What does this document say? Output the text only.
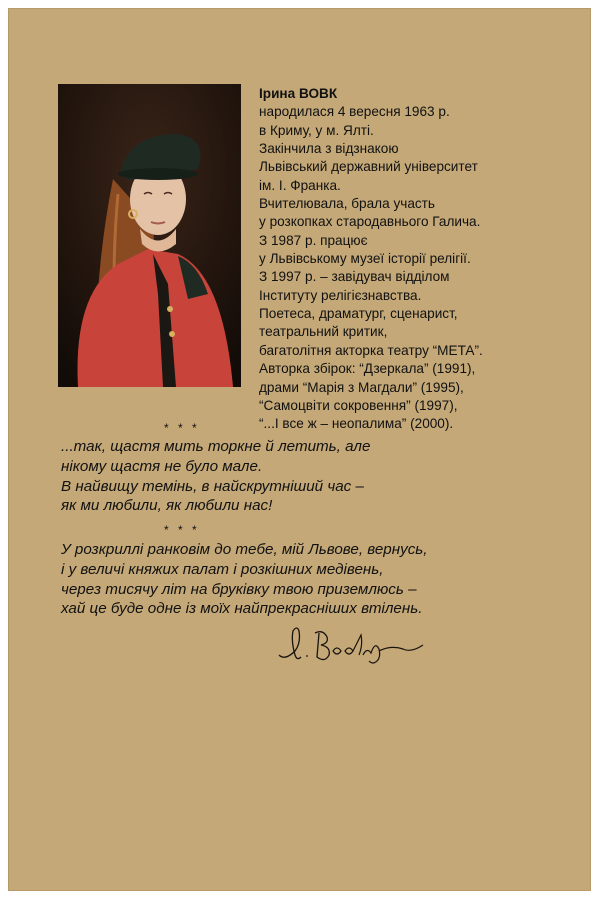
Ірина ВОВК
народилася 4 вересня 1963 р.
в Криму, у м. Ялті.
Закінчила з відзнакою
Львівський державний університет
ім. І. Франка.
Вчителювала, брала участь
у розкопках стародавнього Галича.
З 1987 р. працює
у Львівському музеї історії релігії.
З 1997 р. – завідувач відділом
Інституту релігієзнавства.
Поетеса, драматург, сценарист,
театральний критик,
багатолітня акторка театру “МЕТА”.
Авторка збірок: “Дзеркала” (1991),
драми “Марія з Магдали” (1995),
“Самоцвіти сокровення” (1997),
“...І все ж – неопалима” (2000).
* * *
...так, щастя мить торкне й летить, але
нікому щастя не було мале.
В найвищу темінь, в найскрутніший час –
як ми любили, як любили нас!
* * *
У розкриллі ранковім до тебе, мій Львове, вернусь,
і у величі княжих палат і розкішних медівень,
через тисячу літ на бруківку твою приземлюсь –
хай це буде одне із моїх найпрекрасніших втілень.
